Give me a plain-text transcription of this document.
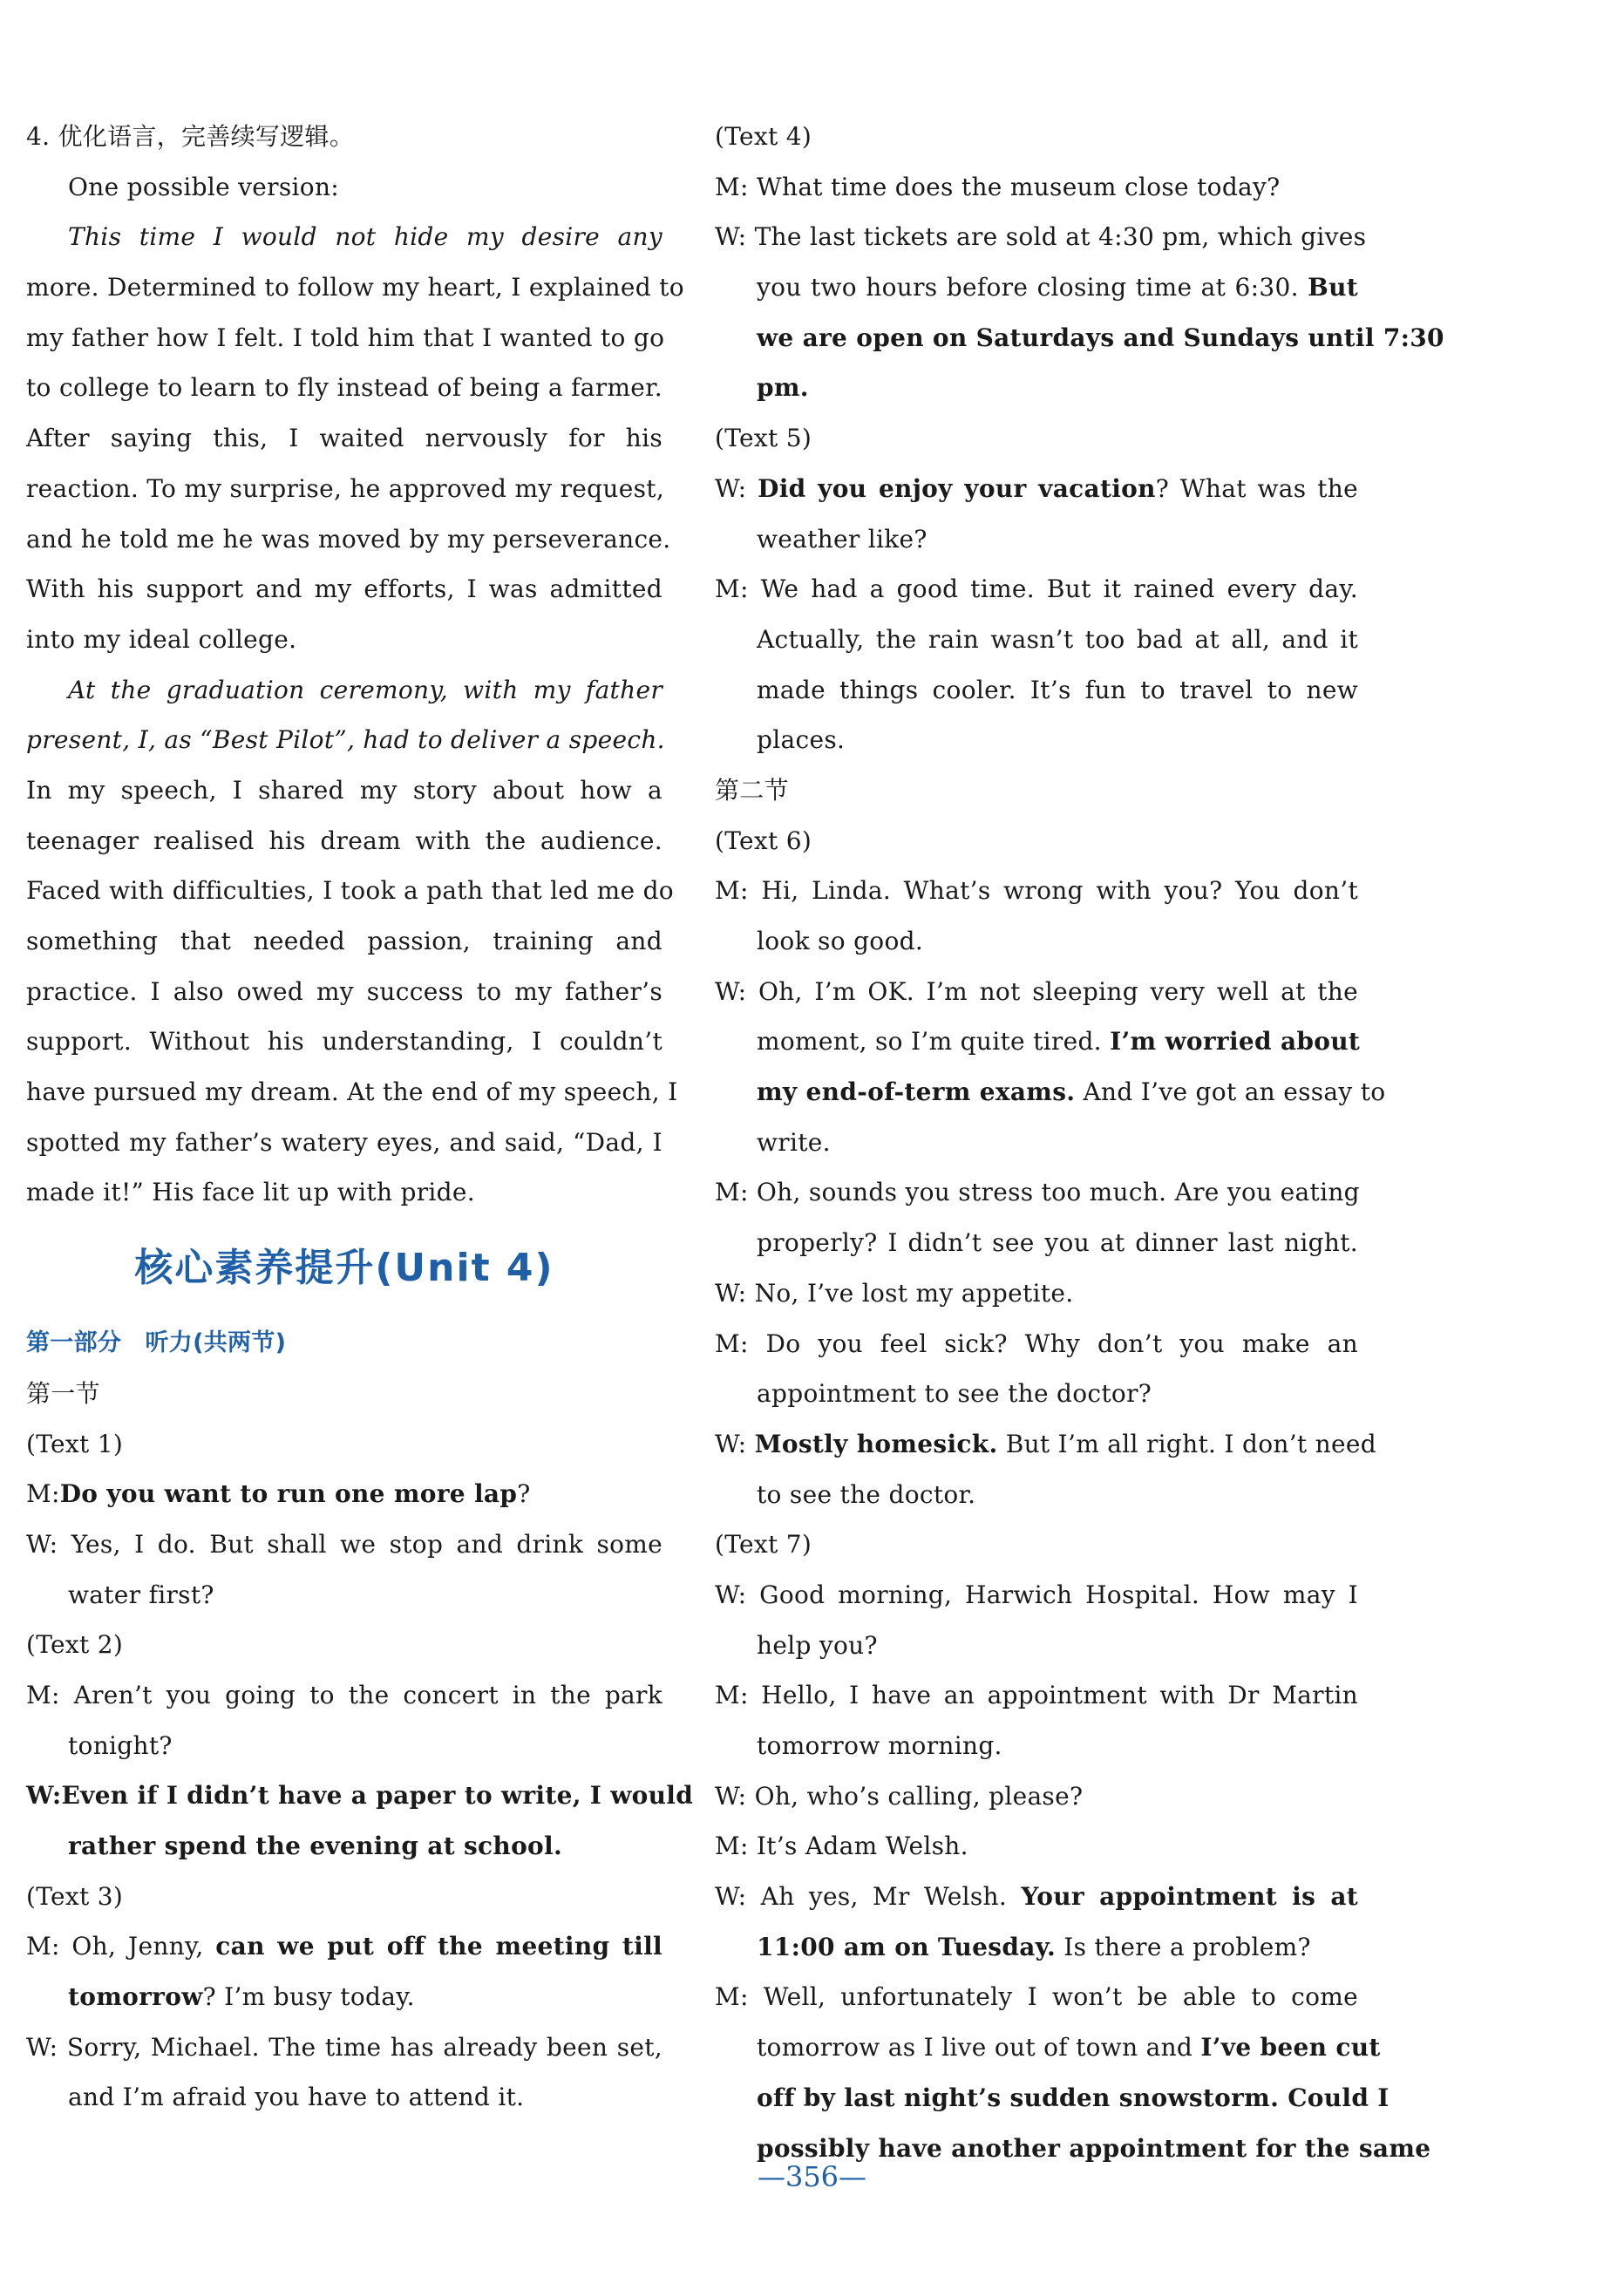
4. 优化语言，完善续写逻辑。
One possible version:
This time I would not hide my desire any
more. Determined to follow my heart, I explained to
my father how I felt. I told him that I wanted to go
to college to learn to fly instead of being a farmer.
After saying this, I waited nervously for his
reaction. To my surprise, he approved my request,
and he told me he was moved by my perseverance.
With his support and my efforts, I was admitted
into my ideal college.
At the graduation ceremony, with my father
present, I, as “Best Pilot”, had to deliver a speech.
In my speech, I shared my story about how a
teenager realised his dream with the audience.
Faced with difficulties, I took a path that led me do
something that needed passion, training and
practice. I also owed my success to my father’s
support. Without his understanding, I couldn’t
have pursued my dream. At the end of my speech, I
spotted my father’s watery eyes, and said, “Dad, I
made it!” His face lit up with pride.
核心素养提升(Unit 4)
第一部分　听力(共两节)
第一节
(Text 1)
M:Do you want to run one more lap?
W: Yes, I do. But shall we stop and drink some
water first?
(Text 2)
M: Aren’t you going to the concert in the park
tonight?
W:Even if I didn’t have a paper to write, I would
rather spend the evening at school.
(Text 3)
M: Oh, Jenny, can we put off the meeting till
tomorrow? I’m busy today.
W: Sorry, Michael. The time has already been set,
and I’m afraid you have to attend it.
(Text 4)
M: What time does the museum close today?
W: The last tickets are sold at 4:30 pm, which gives
you two hours before closing time at 6:30. But
we are open on Saturdays and Sundays until 7:30
pm.
(Text 5)
W: Did you enjoy your vacation? What was the
weather like?
M: We had a good time. But it rained every day.
Actually, the rain wasn’t too bad at all, and it
made things cooler. It’s fun to travel to new
places.
第二节
(Text 6)
M: Hi, Linda. What’s wrong with you? You don’t
look so good.
W: Oh, I’m OK. I’m not sleeping very well at the
moment, so I’m quite tired. I’m worried about
my end-of-term exams. And I’ve got an essay to
write.
M: Oh, sounds you stress too much. Are you eating
properly? I didn’t see you at dinner last night.
W: No, I’ve lost my appetite.
M: Do you feel sick? Why don’t you make an
appointment to see the doctor?
W: Mostly homesick. But I’m all right. I don’t need
to see the doctor.
(Text 7)
W: Good morning, Harwich Hospital. How may I
help you?
M: Hello, I have an appointment with Dr Martin
tomorrow morning.
W: Oh, who’s calling, please?
M: It’s Adam Welsh.
W: Ah yes, Mr Welsh. Your appointment is at
11:00 am on Tuesday. Is there a problem?
M: Well, unfortunately I won’t be able to come
tomorrow as I live out of town and I’ve been cut
off by last night’s sudden snowstorm. Could I
possibly have another appointment for the same
—356—
